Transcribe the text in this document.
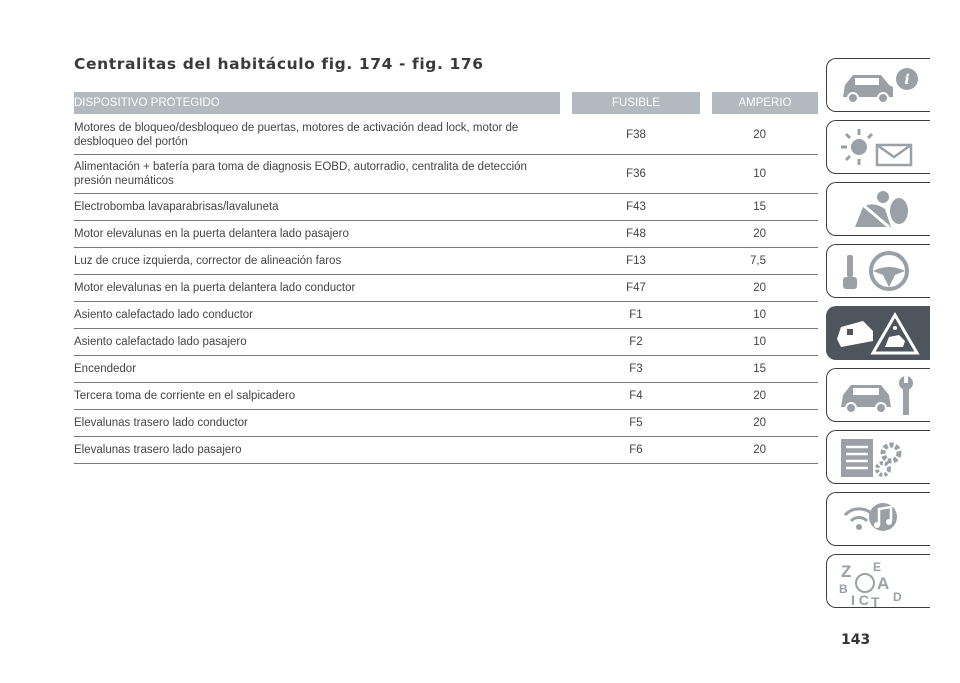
Centralitas del habitáculo fig. 174 - fig. 176
DISPOSITIVO PROTEGIDO		FUSIBLE		AMPERIO
Motores de bloqueo/desbloqueo de puertas, motores de activación dead lock, motor de desbloqueo del portón		F38		20
Alimentación + batería para toma de diagnosis EOBD, autorradio, centralita de detección presión neumáticos		F36		10
Electrobomba lavaparabrisas/lavaluneta		F43		15
Motor elevalunas en la puerta delantera lado pasajero		F48		20
Luz de cruce izquierda, corrector de alineación faros		F13		7,5
Motor elevalunas en la puerta delantera lado conductor		F47		20
Asiento calefactado lado conductor		F1		10
Asiento calefactado lado pasajero		F2		10
Encendedor		F3		15
Tercera toma de corriente en el salpicadero		F4		20
Elevalunas trasero lado conductor		F5		20
Elevalunas trasero lado pasajero		F6		20
i
Z E
B A
I C D
T
143
